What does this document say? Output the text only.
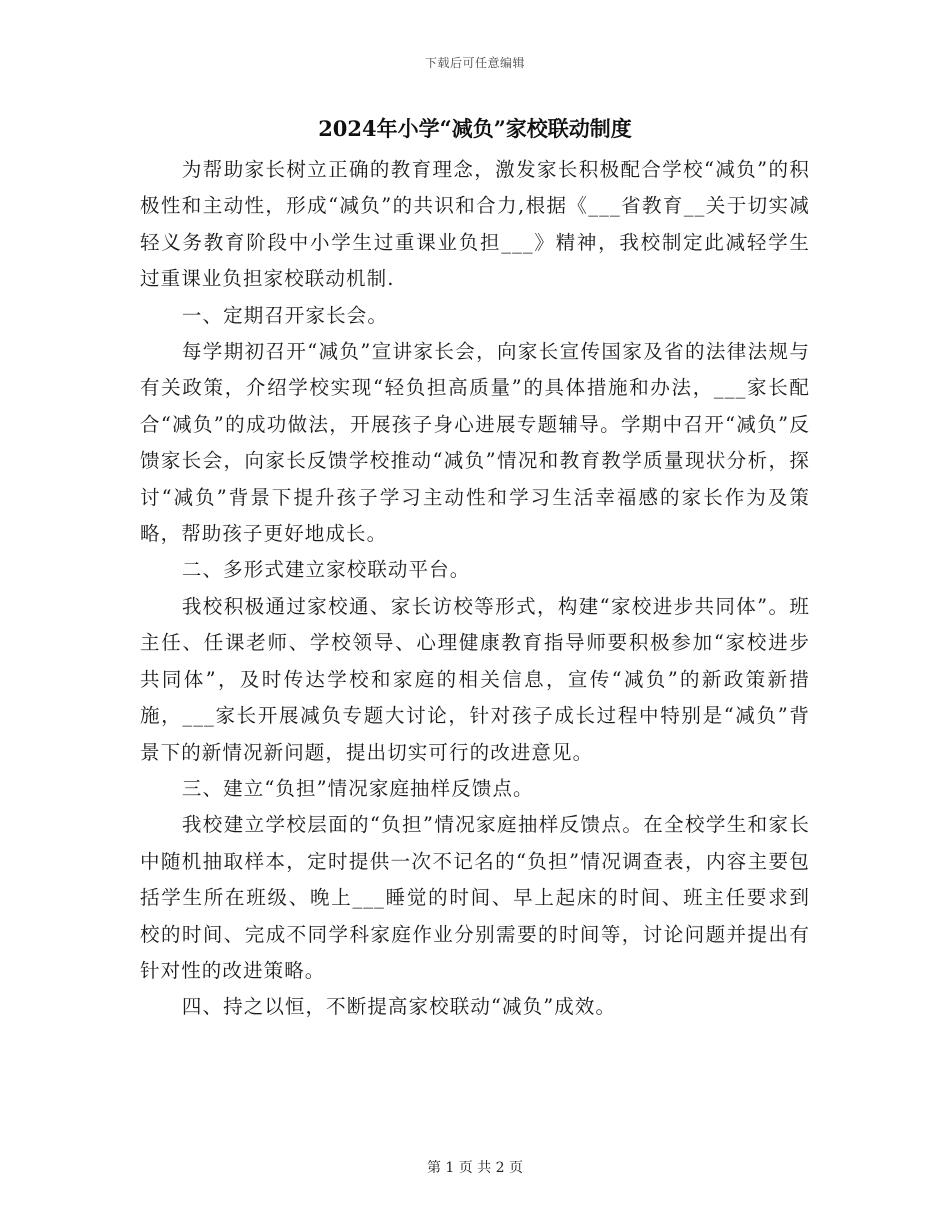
下载后可任意编辑
2024年小学“减负”家校联动制度

为帮助家长树立正确的教育理念，激发家长积极配合学校“减负”的积极性和主动性，形成“减负”的共识和合力,根据《___省教育__关于切实减轻义务教育阶段中小学生过重课业负担___》精神，我校制定此减轻学生过重课业负担家校联动机制.

一、定期召开家长会。

每学期初召开“减负”宣讲家长会，向家长宣传国家及省的法律法规与有关政策，介绍学校实现“轻负担高质量”的具体措施和办法，___家长配合“减负”的成功做法，开展孩子身心进展专题辅导。学期中召开“减负”反馈家长会，向家长反馈学校推动“减负”情况和教育教学质量现状分析，探讨“减负”背景下提升孩子学习主动性和学习生活幸福感的家长作为及策略，帮助孩子更好地成长。

二、多形式建立家校联动平台。

我校积极通过家校通、家长访校等形式，构建“家校进步共同体”。班主任、任课老师、学校领导、心理健康教育指导师要积极参加“家校进步共同体”，及时传达学校和家庭的相关信息，宣传“减负”的新政策新措施，___家长开展减负专题大讨论，针对孩子成长过程中特别是“减负”背景下的新情况新问题，提出切实可行的改进意见。

三、建立“负担”情况家庭抽样反馈点。

我校建立学校层面的“负担”情况家庭抽样反馈点。在全校学生和家长中随机抽取样本，定时提供一次不记名的“负担”情况调查表，内容主要包括学生所在班级、晚上___睡觉的时间、早上起床的时间、班主任要求到校的时间、完成不同学科家庭作业分别需要的时间等，讨论问题并提出有针对性的改进策略。

四、持之以恒，不断提高家校联动“减负”成效。

第 1 页 共 2 页
